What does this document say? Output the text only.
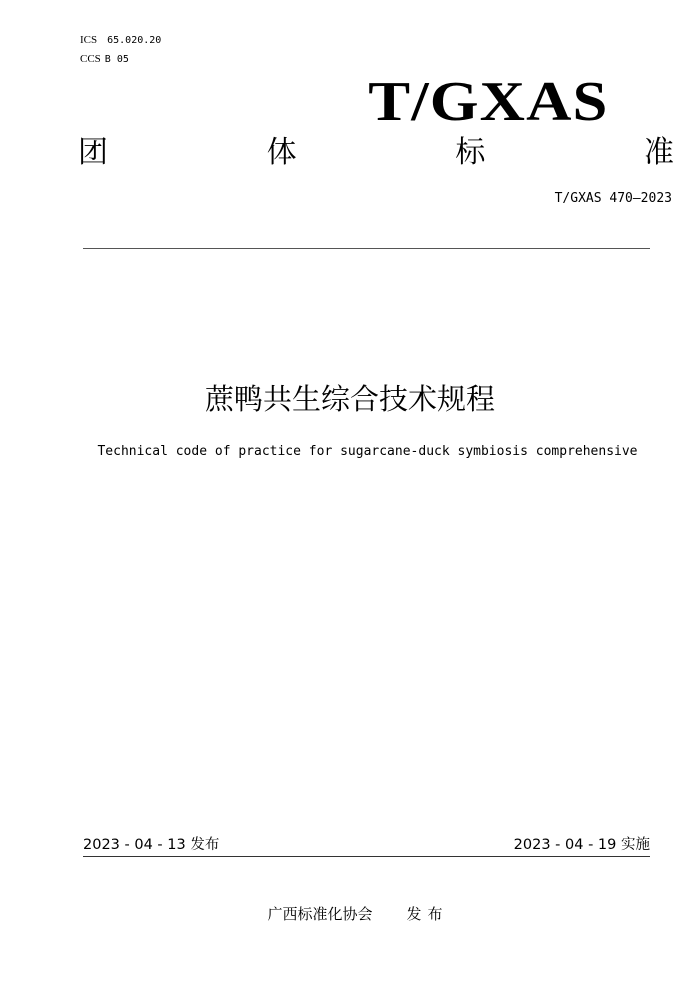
ICS 65.020.20
CCS B 05
T/GXAS
团	体	标	准
T/GXAS 470—2023
蔗鸭共生综合技术规程
Technical code of practice for sugarcane-duck symbiosis comprehensive
2023 - 04 - 13 发布	2023 - 04 - 19 实施
广西标准化协会 发布
